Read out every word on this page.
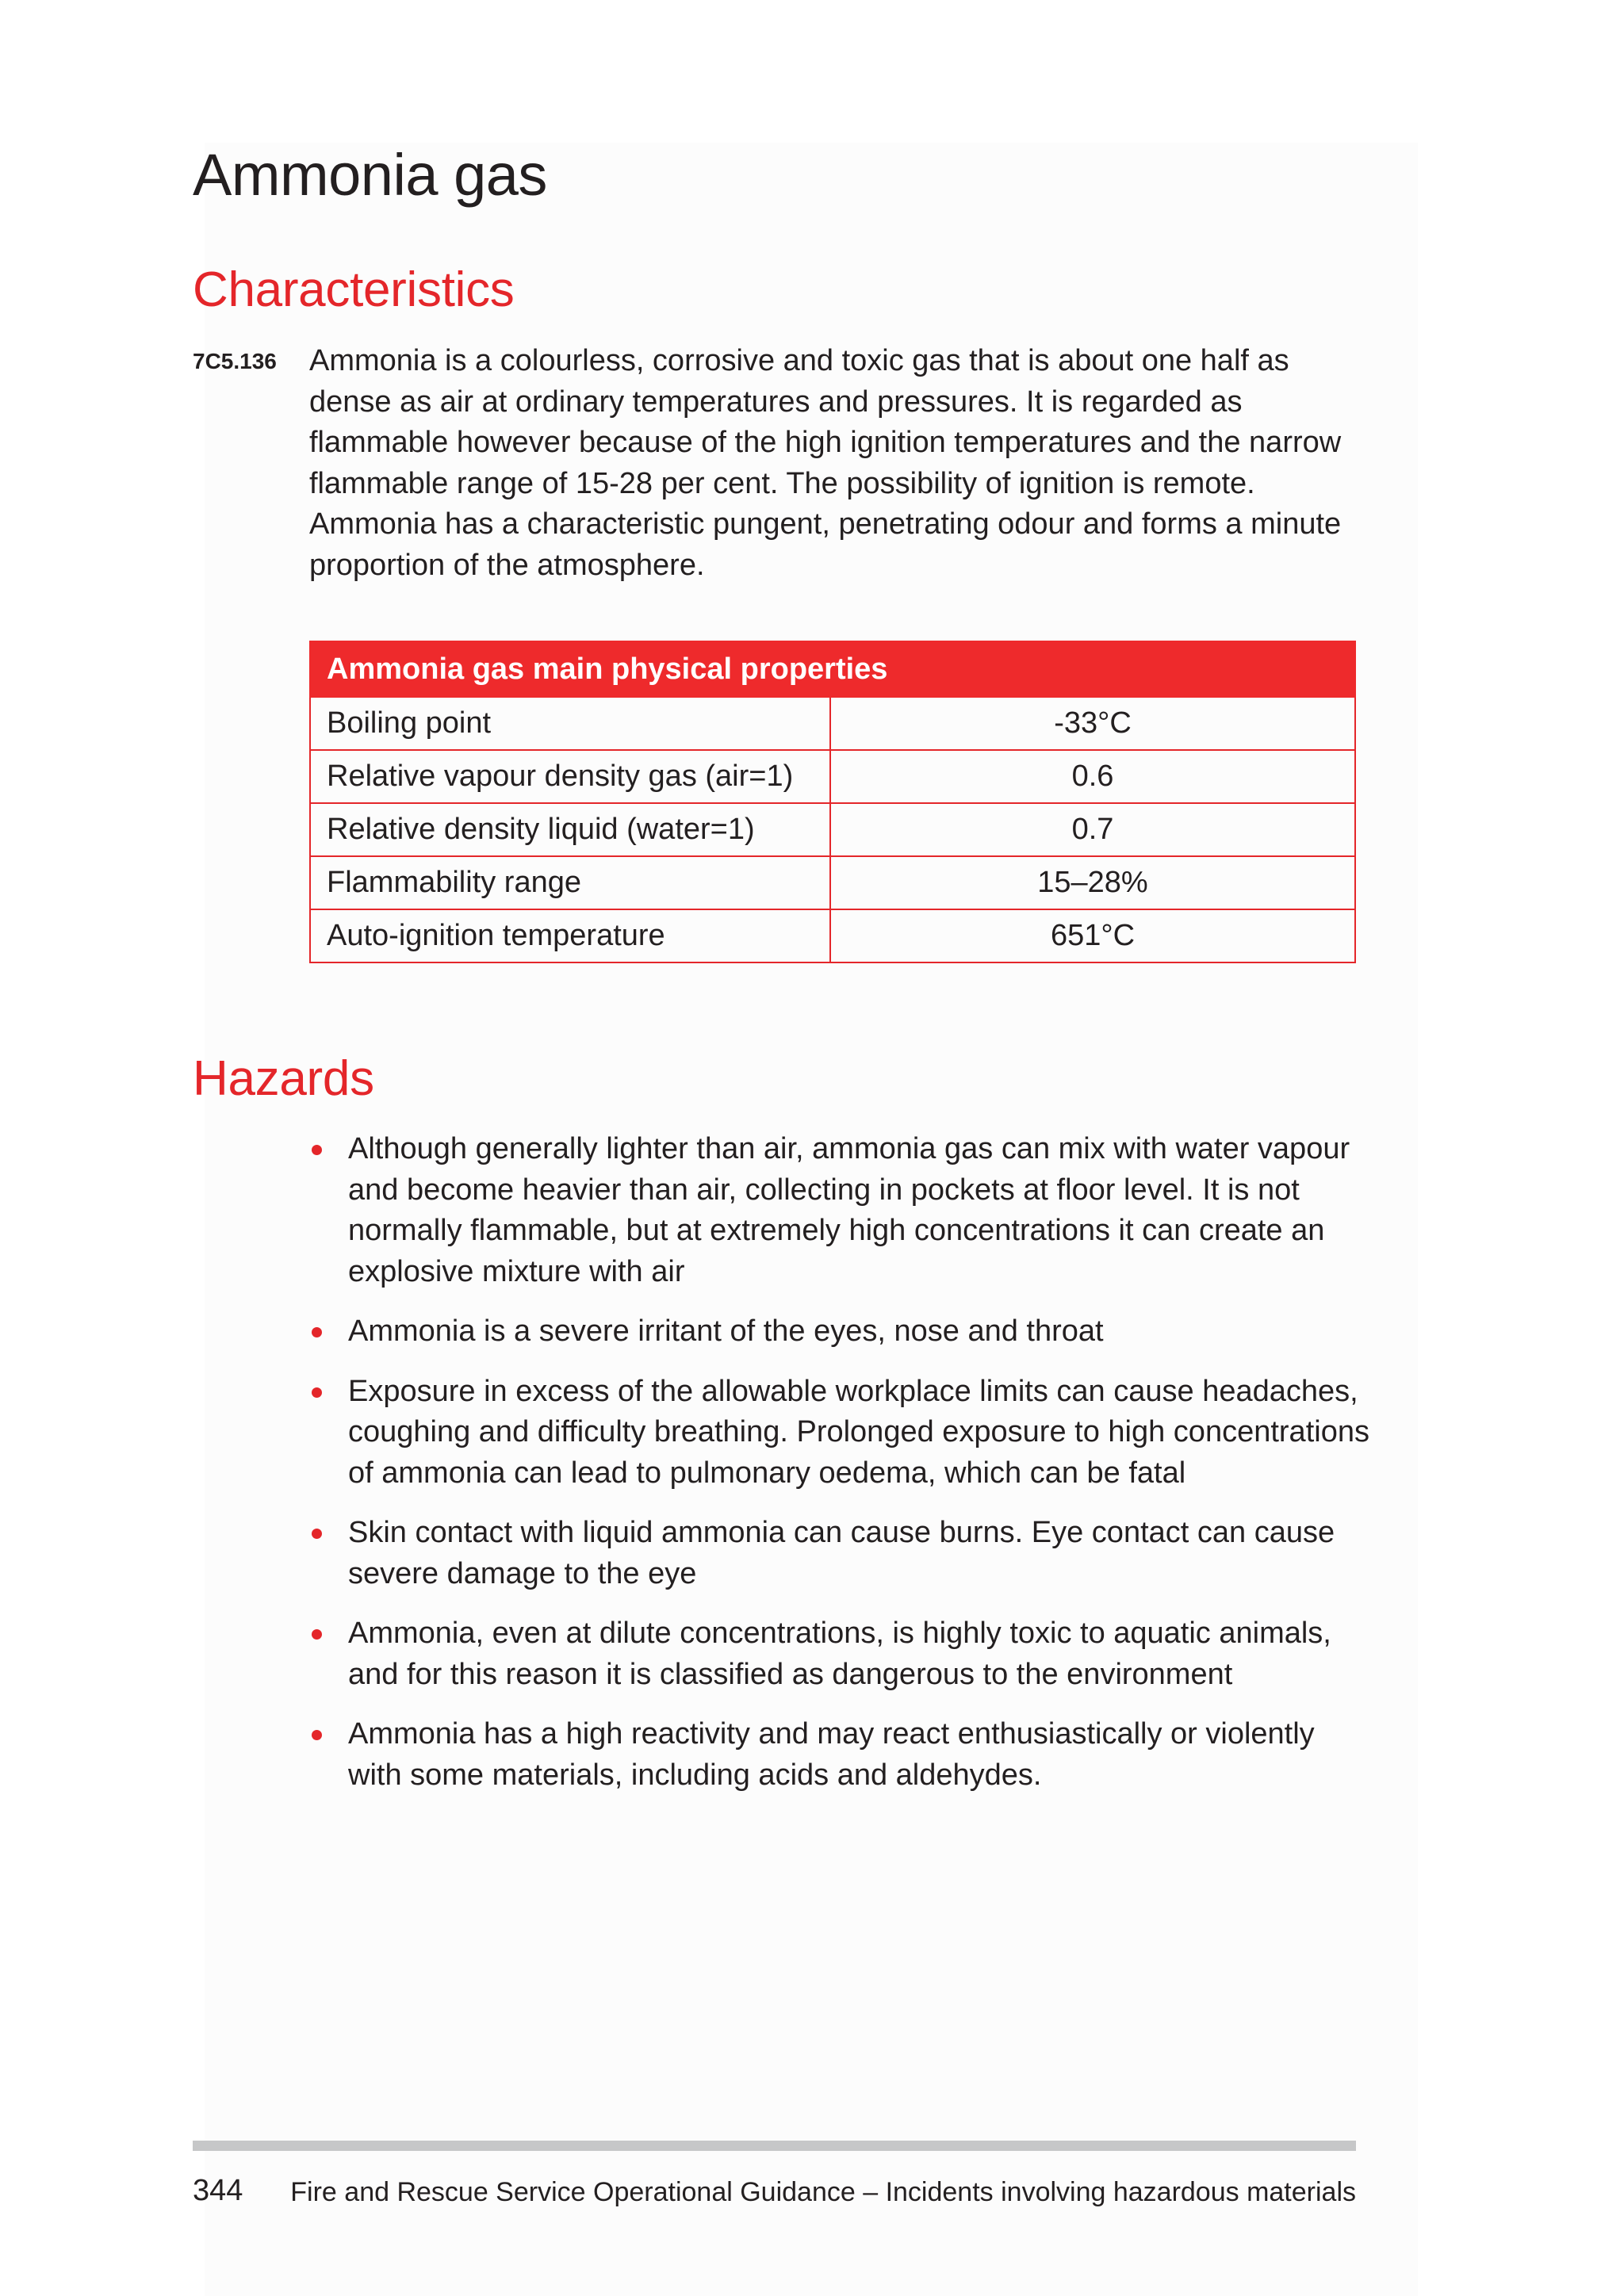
Ammonia gas
Characteristics
7C5.136 Ammonia is a colourless, corrosive and toxic gas that is about one half as dense as air at ordinary temperatures and pressures. It is regarded as flammable however because of the high ignition temperatures and the narrow flammable range of 15-28 per cent. The possibility of ignition is remote. Ammonia has a characteristic pungent, penetrating odour and forms a minute proportion of the atmosphere.

Ammonia gas main physical properties	
Boiling point	-33°C
Relative vapour density gas (air=1)	0.6
Relative density liquid (water=1)	0.7
Flammability range	15–28%
Auto-ignition temperature	651°C
Hazards
Although generally lighter than air, ammonia gas can mix with water vapour and become heavier than air, collecting in pockets at floor level. It is not normally flammable, but at extremely high concentrations it can create an explosive mixture with air
Ammonia is a severe irritant of the eyes, nose and throat
Exposure in excess of the allowable workplace limits can cause headaches, coughing and difficulty breathing. Prolonged exposure to high concentrations of ammonia can lead to pulmonary oedema, which can be fatal
Skin contact with liquid ammonia can cause burns. Eye contact can cause severe damage to the eye
Ammonia, even at dilute concentrations, is highly toxic to aquatic animals, and for this reason it is classified as dangerous to the environment
Ammonia has a high reactivity and may react enthusiastically or violently with some materials, including acids and aldehydes.
344 Fire and Rescue Service Operational Guidance – Incidents involving hazardous materials
